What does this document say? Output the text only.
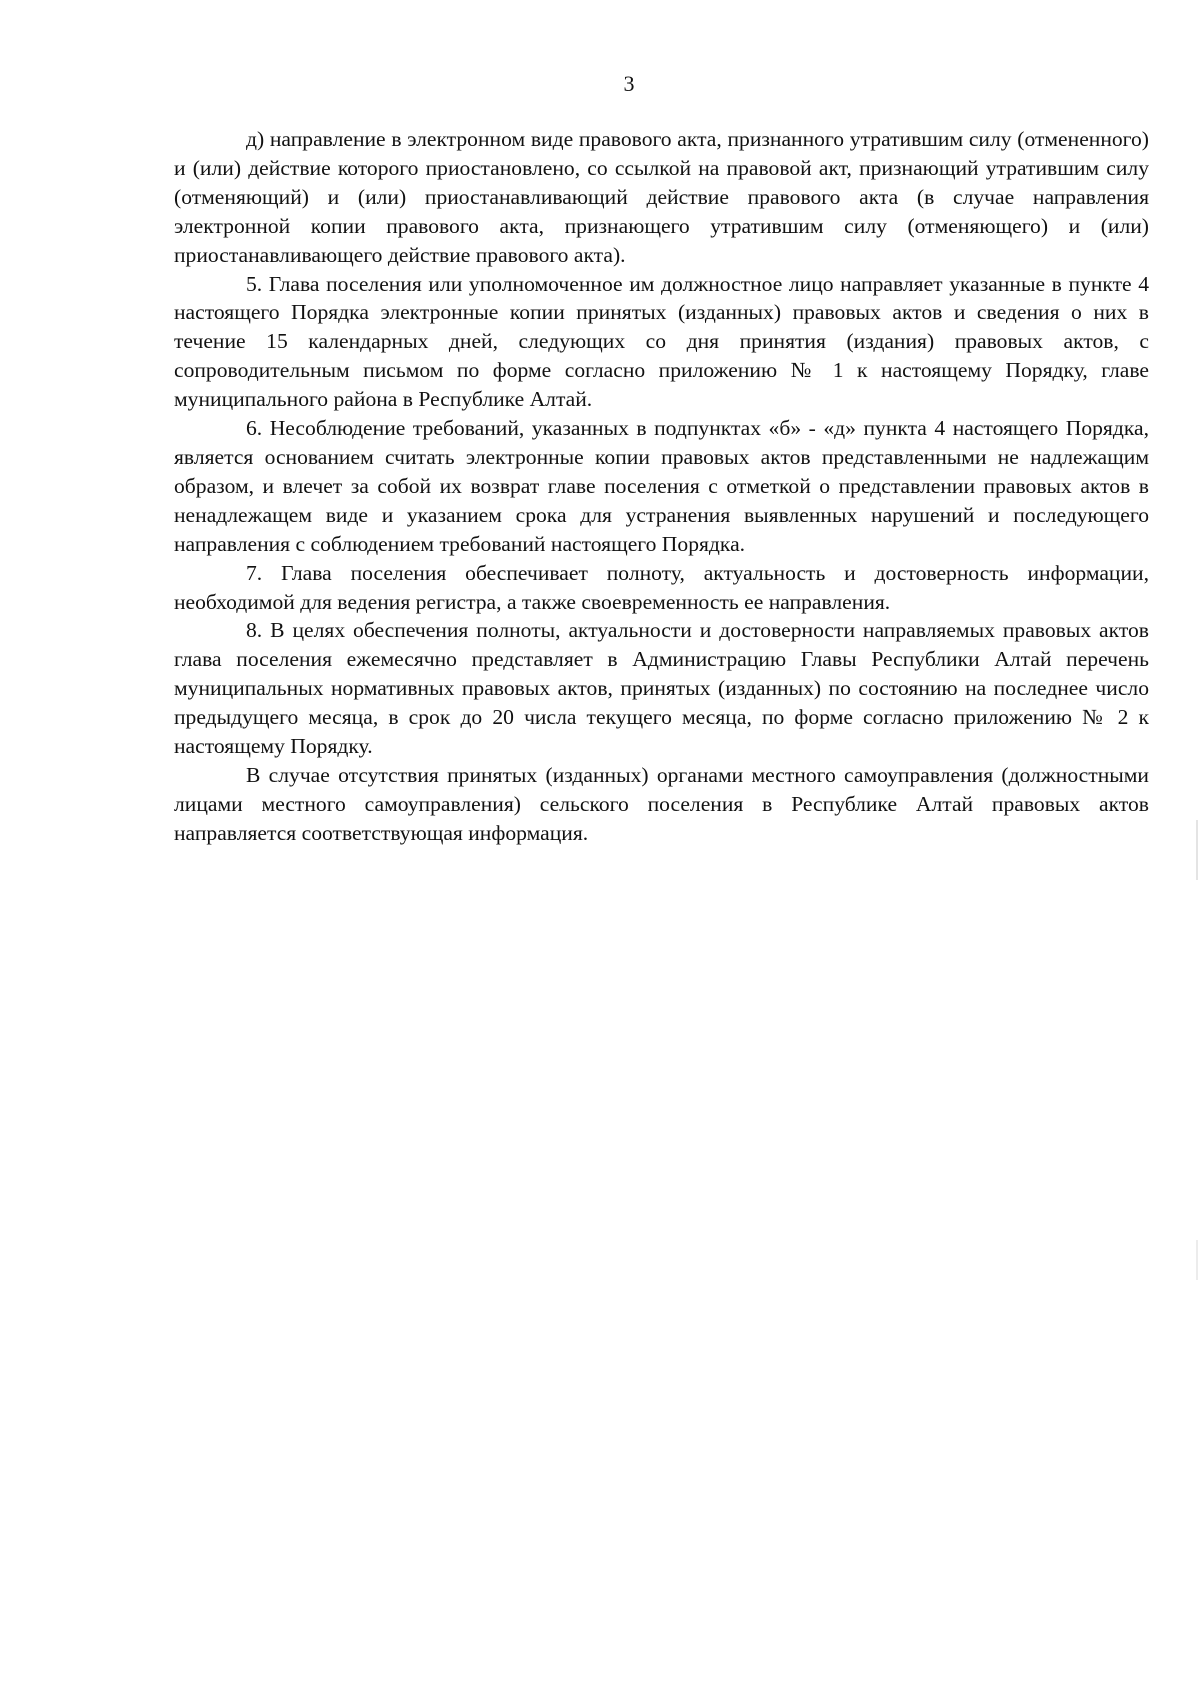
3

д) направление в электронном виде правового акта, признанного утратившим силу (отмененного) и (или) действие которого приостановлено, со ссылкой на правовой акт, признающий утратившим силу (отменяющий) и (или) приостанавливающий действие правового акта (в случае направления электронной копии правового акта, признающего утратившим силу (отменяющего) и (или) приостанавливающего действие правового акта).

5. Глава поселения или уполномоченное им должностное лицо направляет указанные в пункте 4 настоящего Порядка электронные копии принятых (изданных) правовых актов и сведения о них в течение 15 календарных дней, следующих со дня принятия (издания) правовых актов, с сопроводительным письмом по форме согласно приложению № 1 к настоящему Порядку, главе муниципального района в Республике Алтай.

6. Несоблюдение требований, указанных в подпунктах «б» - «д» пункта 4 настоящего Порядка, является основанием считать электронные копии правовых актов представленными не надлежащим образом, и влечет за собой их возврат главе поселения с отметкой о представлении правовых актов в ненадлежащем виде и указанием срока для устранения выявленных нарушений и последующего направления с соблюдением требований настоящего Порядка.

7. Глава поселения обеспечивает полноту, актуальность и достоверность информации, необходимой для ведения регистра, а также своевременность ее направления.

8. В целях обеспечения полноты, актуальности и достоверности направляемых правовых актов глава поселения ежемесячно представляет в Администрацию Главы Республики Алтай перечень муниципальных нормативных правовых актов, принятых (изданных) по состоянию на последнее число предыдущего месяца, в срок до 20 числа текущего месяца, по форме согласно приложению № 2 к настоящему Порядку.

В случае отсутствия принятых (изданных) органами местного самоуправления (должностными лицами местного самоуправления) сельского поселения в Республике Алтай правовых актов направляется соответствующая информация.
